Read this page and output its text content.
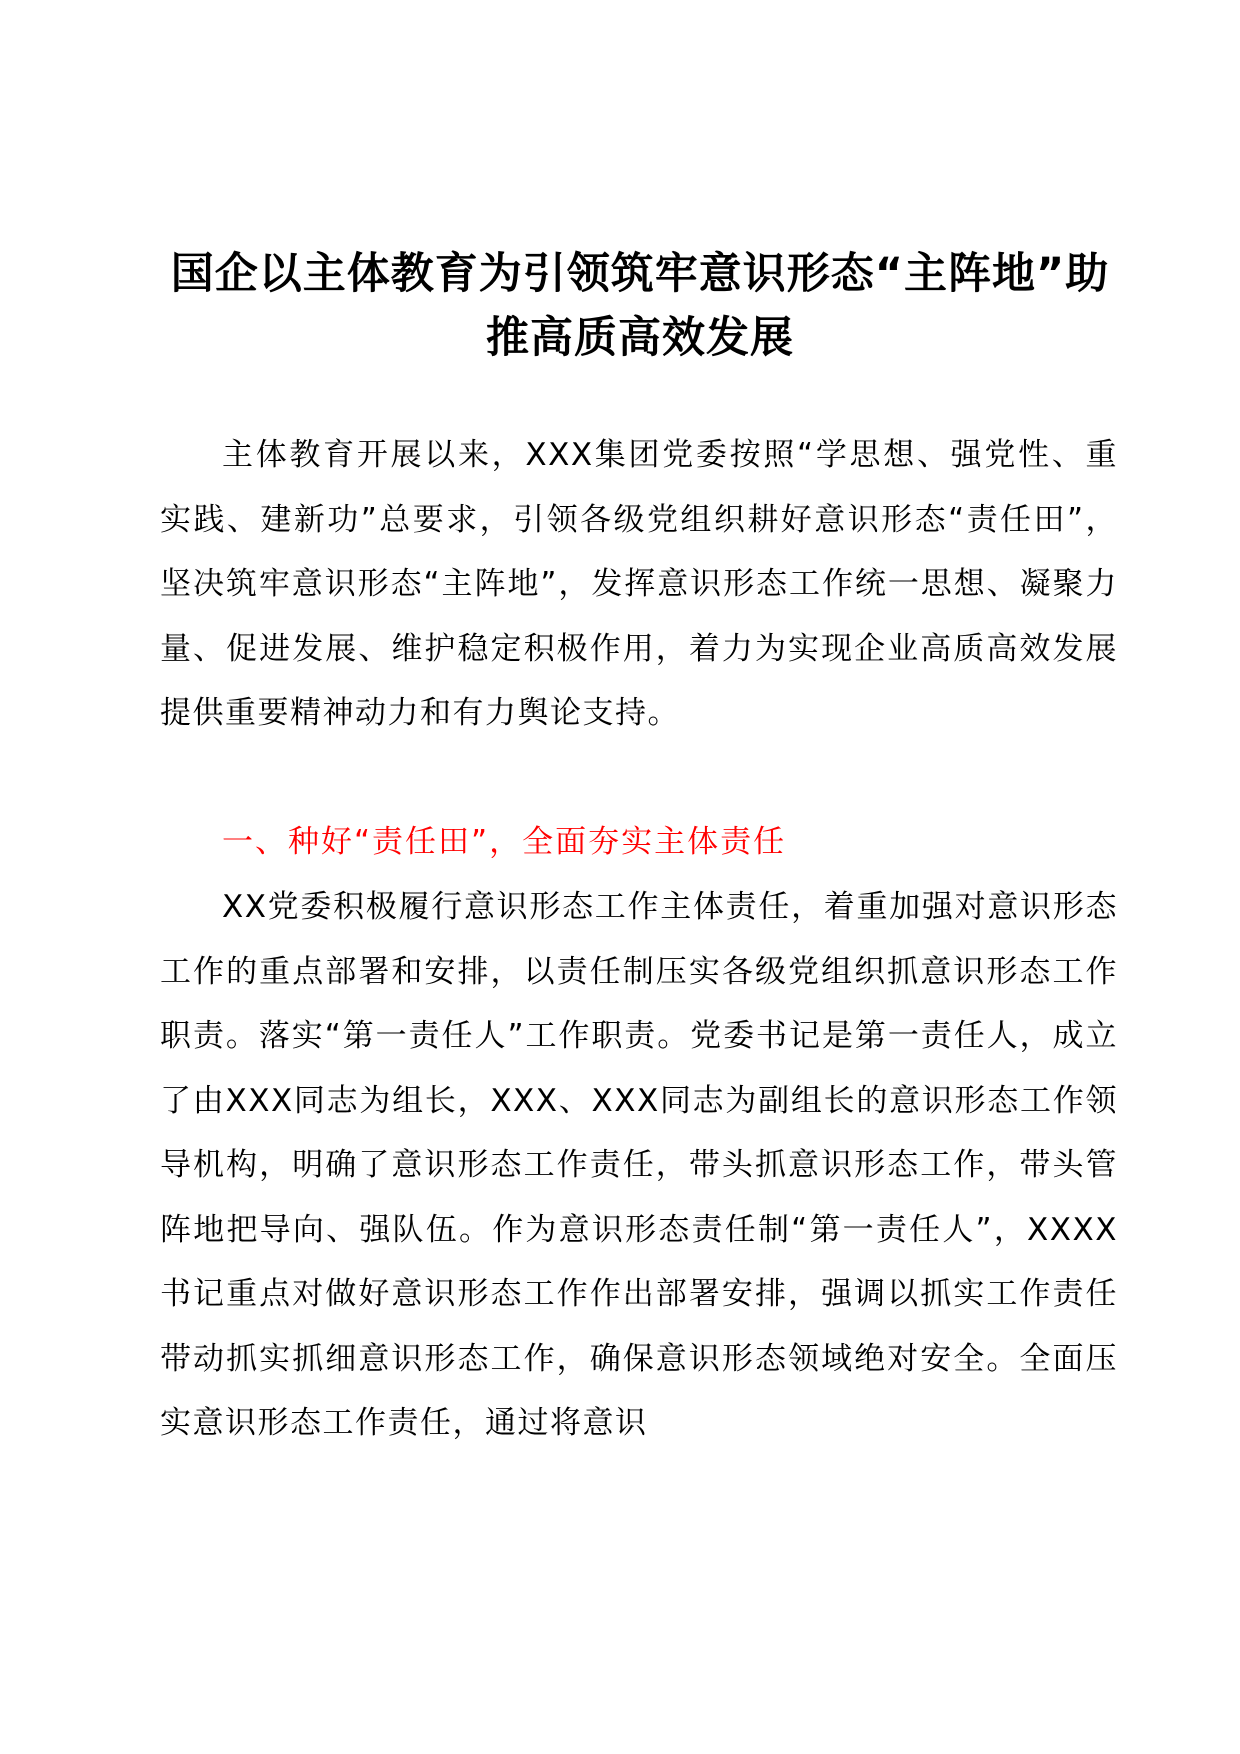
国企以主体教育为引领筑牢意识形态“主阵地”助推高质高效发展

主体教育开展以来，XXX集团党委按照“学思想、强党性、重实践、建新功”总要求，引领各级党组织耕好意识形态“责任田”，坚决筑牢意识形态“主阵地”，发挥意识形态工作统一思想、凝聚力量、促进发展、维护稳定积极作用，着力为实现企业高质高效发展提供重要精神动力和有力舆论支持。

一、种好“责任田”，全面夯实主体责任

XX党委积极履行意识形态工作主体责任，着重加强对意识形态工作的重点部署和安排，以责任制压实各级党组织抓意识形态工作职责。落实“第一责任人”工作职责。党委书记是第一责任人，成立了由XXX同志为组长，XXX、XXX同志为副组长的意识形态工作领导机构，明确了意识形态工作责任，带头抓意识形态工作，带头管阵地把导向、强队伍。作为意识形态责任制“第一责任人”，XXXX书记重点对做好意识形态工作作出部署安排，强调以抓实工作责任带动抓实抓细意识形态工作，确保意识形态领域绝对安全。全面压实意识形态工作责任，通过将意识
